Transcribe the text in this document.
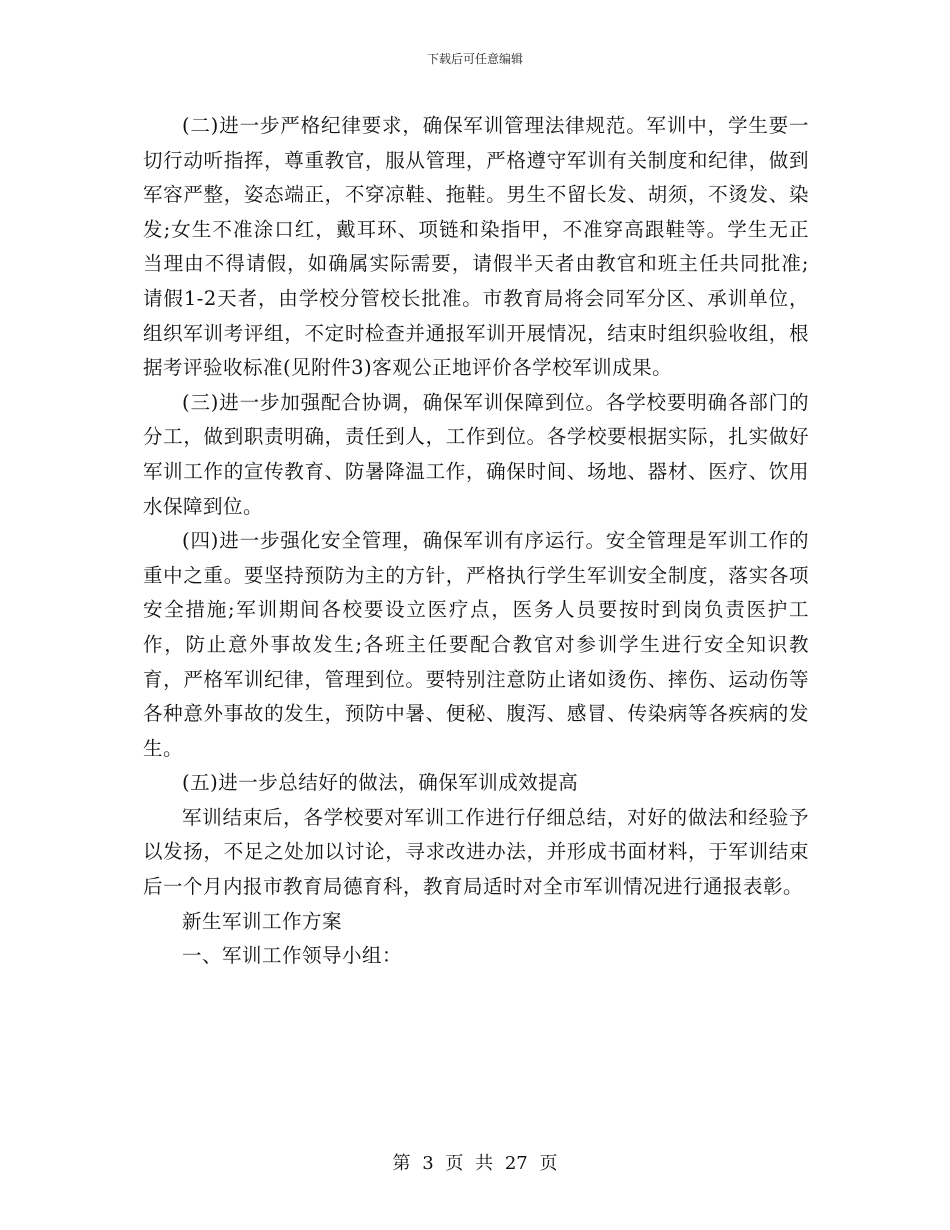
下载后可任意编辑

(二)进一步严格纪律要求，确保军训管理法律规范。军训中，学生要一切行动听指挥，尊重教官，服从管理，严格遵守军训有关制度和纪律，做到军容严整，姿态端正，不穿凉鞋、拖鞋。男生不留长发、胡须，不烫发、染发;女生不准涂口红，戴耳环、项链和染指甲，不准穿高跟鞋等。学生无正当理由不得请假，如确属实际需要，请假半天者由教官和班主任共同批准;请假1-2天者，由学校分管校长批准。市教育局将会同军分区、承训单位，组织军训考评组，不定时检查并通报军训开展情况，结束时组织验收组，根据考评验收标准(见附件3)客观公正地评价各学校军训成果。

(三)进一步加强配合协调，确保军训保障到位。各学校要明确各部门的分工，做到职责明确，责任到人，工作到位。各学校要根据实际，扎实做好军训工作的宣传教育、防暑降温工作，确保时间、场地、器材、医疗、饮用水保障到位。

(四)进一步强化安全管理，确保军训有序运行。安全管理是军训工作的重中之重。要坚持预防为主的方针，严格执行学生军训安全制度，落实各项安全措施;军训期间各校要设立医疗点，医务人员要按时到岗负责医护工作，防止意外事故发生;各班主任要配合教官对参训学生进行安全知识教育，严格军训纪律，管理到位。要特别注意防止诸如烫伤、摔伤、运动伤等各种意外事故的发生，预防中暑、便秘、腹泻、感冒、传染病等各疾病的发生。

(五)进一步总结好的做法，确保军训成效提高

军训结束后，各学校要对军训工作进行仔细总结，对好的做法和经验予以发扬，不足之处加以讨论，寻求改进办法，并形成书面材料，于军训结束后一个月内报市教育局德育科，教育局适时对全市军训情况进行通报表彰。

新生军训工作方案

一、军训工作领导小组：

第 3 页 共 27 页
